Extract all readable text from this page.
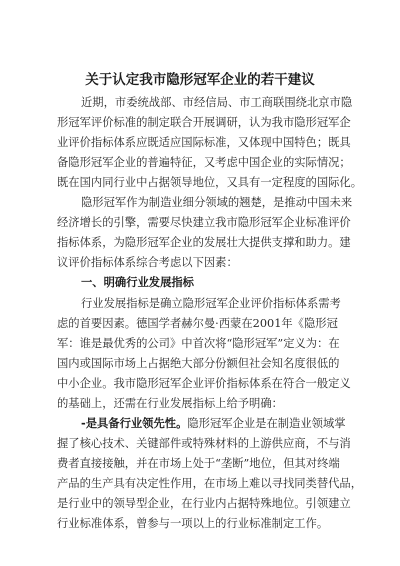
关于认定我市隐形冠军企业的若干建议
近期，市委统战部、市经信局、市工商联围绕北京市隐
形冠军评价标准的制定联合开展调研，认为我市隐形冠军企
业评价指标体系应既适应国际标准，又体现中国特色；既具
备隐形冠军企业的普遍特征，又考虑中国企业的实际情况；
既在国内同行业中占据领导地位，又具有一定程度的国际化。
隐形冠军作为制造业细分领域的翘楚，是推动中国未来
经济增长的引擎，需要尽快建立我市隐形冠军企业标准评价
指标体系，为隐形冠军企业的发展壮大提供支撑和助力。建
议评价指标体系综合考虑以下因素：
一、明确行业发展指标
行业发展指标是确立隐形冠军企业评价指标体系需考
虑的首要因素。德国学者赫尔曼·西蒙在2001年《隐形冠
军：谁是最优秀的公司》中首次将“隐形冠军”定义为：在
国内或国际市场上占据绝大部分份额但社会知名度很低的
中小企业。我市隐形冠军企业评价指标体系在符合一般定义
的基础上，还需在行业发展指标上给予明确：
-是具备行业领先性。隐形冠军企业是在制造业领域掌
握了核心技术、关键部件或特殊材料的上游供应商，不与消
费者直接接触，并在市场上处于“垄断”地位，但其对终端
产品的生产具有决定性作用，在市场上难以寻找同类替代品，
是行业中的领导型企业，在行业内占据特殊地位。引领建立
行业标准体系，曾参与一项以上的行业标准制定工作。
